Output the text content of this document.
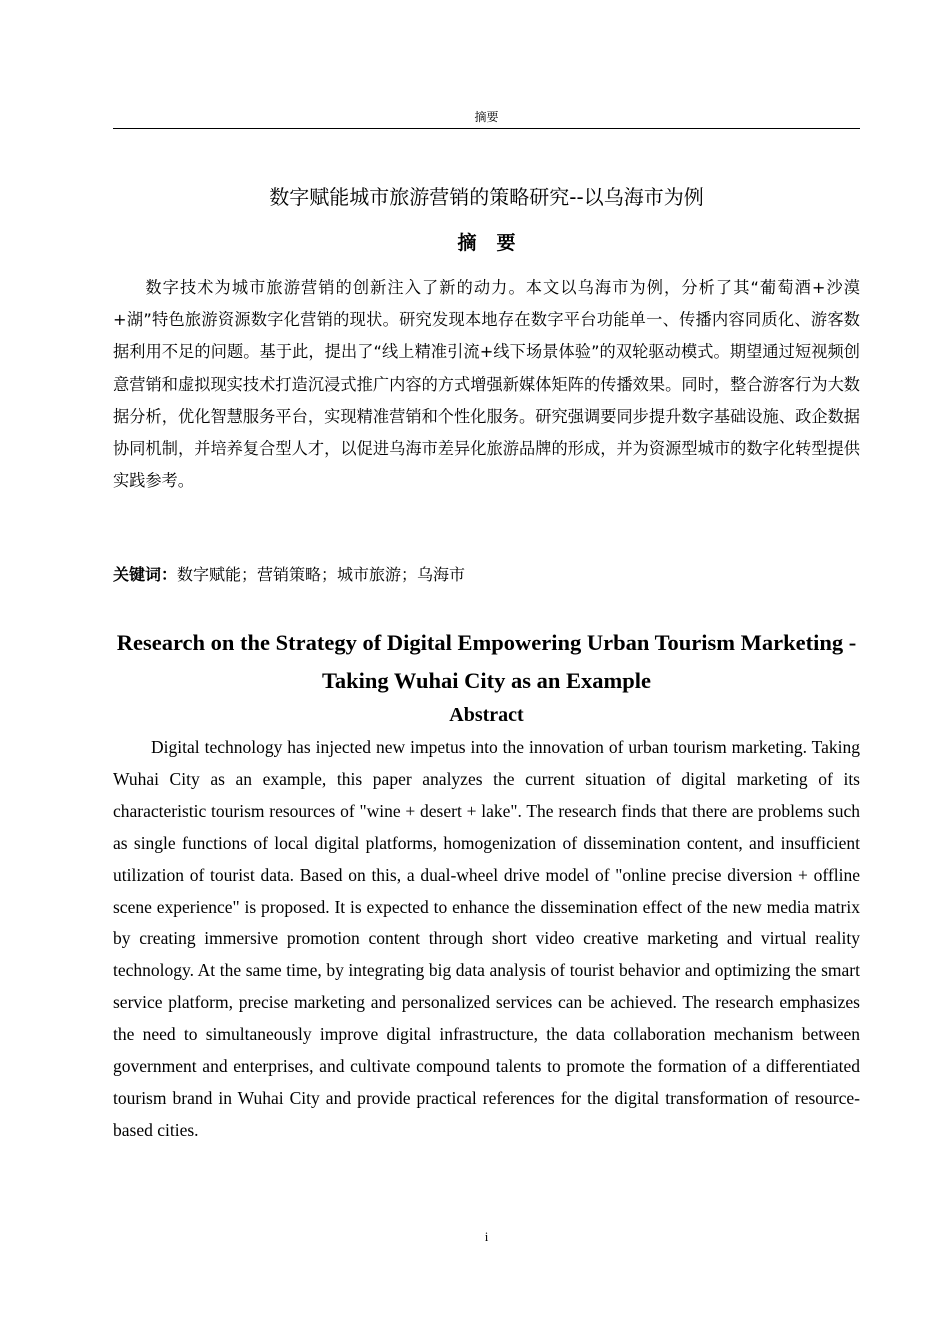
摘要
数字赋能城市旅游营销的策略研究--以乌海市为例
摘要

数字技术为城市旅游营销的创新注入了新的动力。本文以乌海市为例，分析了其“葡萄酒+沙漠+湖”特色旅游资源数字化营销的现状。研究发现本地存在数字平台功能单一、传播内容同质化、游客数据利用不足的问题。基于此，提出了“线上精准引流+线下场景体验”的双轮驱动模式。期望通过短视频创意营销和虚拟现实技术打造沉浸式推广内容的方式增强新媒体矩阵的传播效果。同时，整合游客行为大数据分析，优化智慧服务平台，实现精准营销和个性化服务。研究强调要同步提升数字基础设施、政企数据协同机制，并培养复合型人才，以促进乌海市差异化旅游品牌的形成，并为资源型城市的数字化转型提供实践参考。

关键词：数字赋能；营销策略；城市旅游；乌海市
Research on the Strategy of Digital Empowering Urban Tourism Marketing - Taking Wuhai City as an Example
Abstract

Digital technology has injected new impetus into the innovation of urban tourism marketing. Taking Wuhai City as an example, this paper analyzes the current situation of digital marketing of its characteristic tourism resources of "wine + desert + lake". The research finds that there are problems such as single functions of local digital platforms, homogenization of dissemination content, and insufficient utilization of tourist data. Based on this, a dual-wheel drive model of "online precise diversion + offline scene experience" is proposed. It is expected to enhance the dissemination effect of the new media matrix by creating immersive promotion content through short video creative marketing and virtual reality technology. At the same time, by integrating big data analysis of tourist behavior and optimizing the smart service platform, precise marketing and personalized services can be achieved. The research emphasizes the need to simultaneously improve digital infrastructure, the data collaboration mechanism between government and enterprises, and cultivate compound talents to promote the formation of a differentiated tourism brand in Wuhai City and provide practical references for the digital transformation of resource-based cities.

i
